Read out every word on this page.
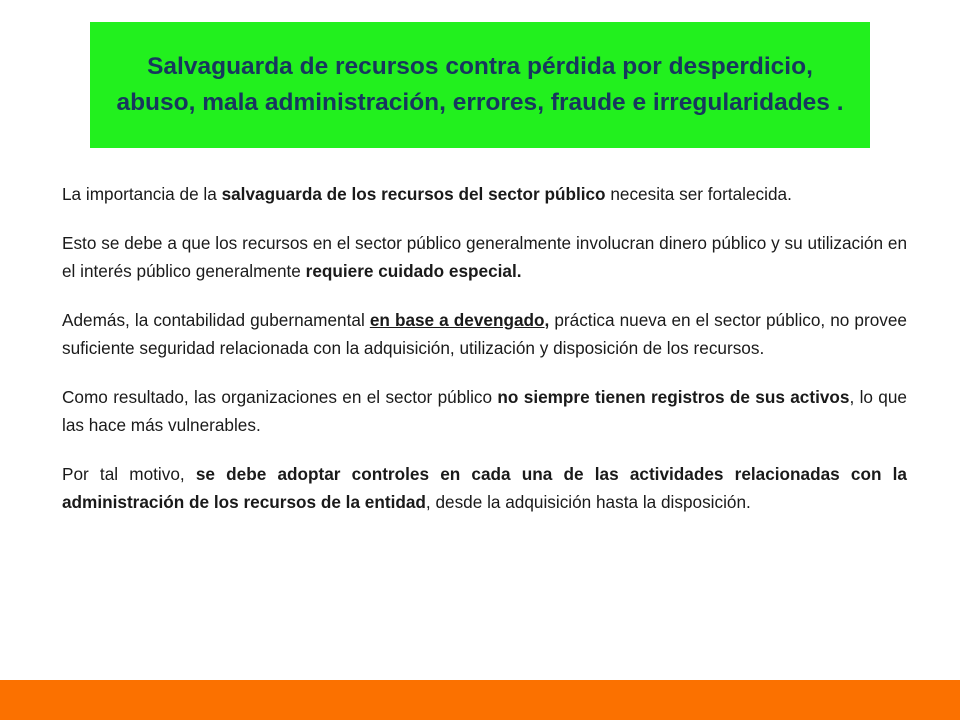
Salvaguarda de recursos contra pérdida por desperdicio, abuso, mala administración, errores, fraude e irregularidades .

La importancia de la salvaguarda de los recursos del sector público necesita ser fortalecida.

Esto se debe a que los recursos en el sector público generalmente involucran dinero público y su utilización en el interés público generalmente requiere cuidado especial.

Además, la contabilidad gubernamental en base a devengado, práctica nueva en el sector público, no provee suficiente seguridad relacionada con la adquisición, utilización y disposición de los recursos.

Como resultado, las organizaciones en el sector público no siempre tienen registros de sus activos, lo que las hace más vulnerables.

Por tal motivo, se debe adoptar controles en cada una de las actividades relacionadas con la administración de los recursos de la entidad, desde la adquisición hasta la disposición.
